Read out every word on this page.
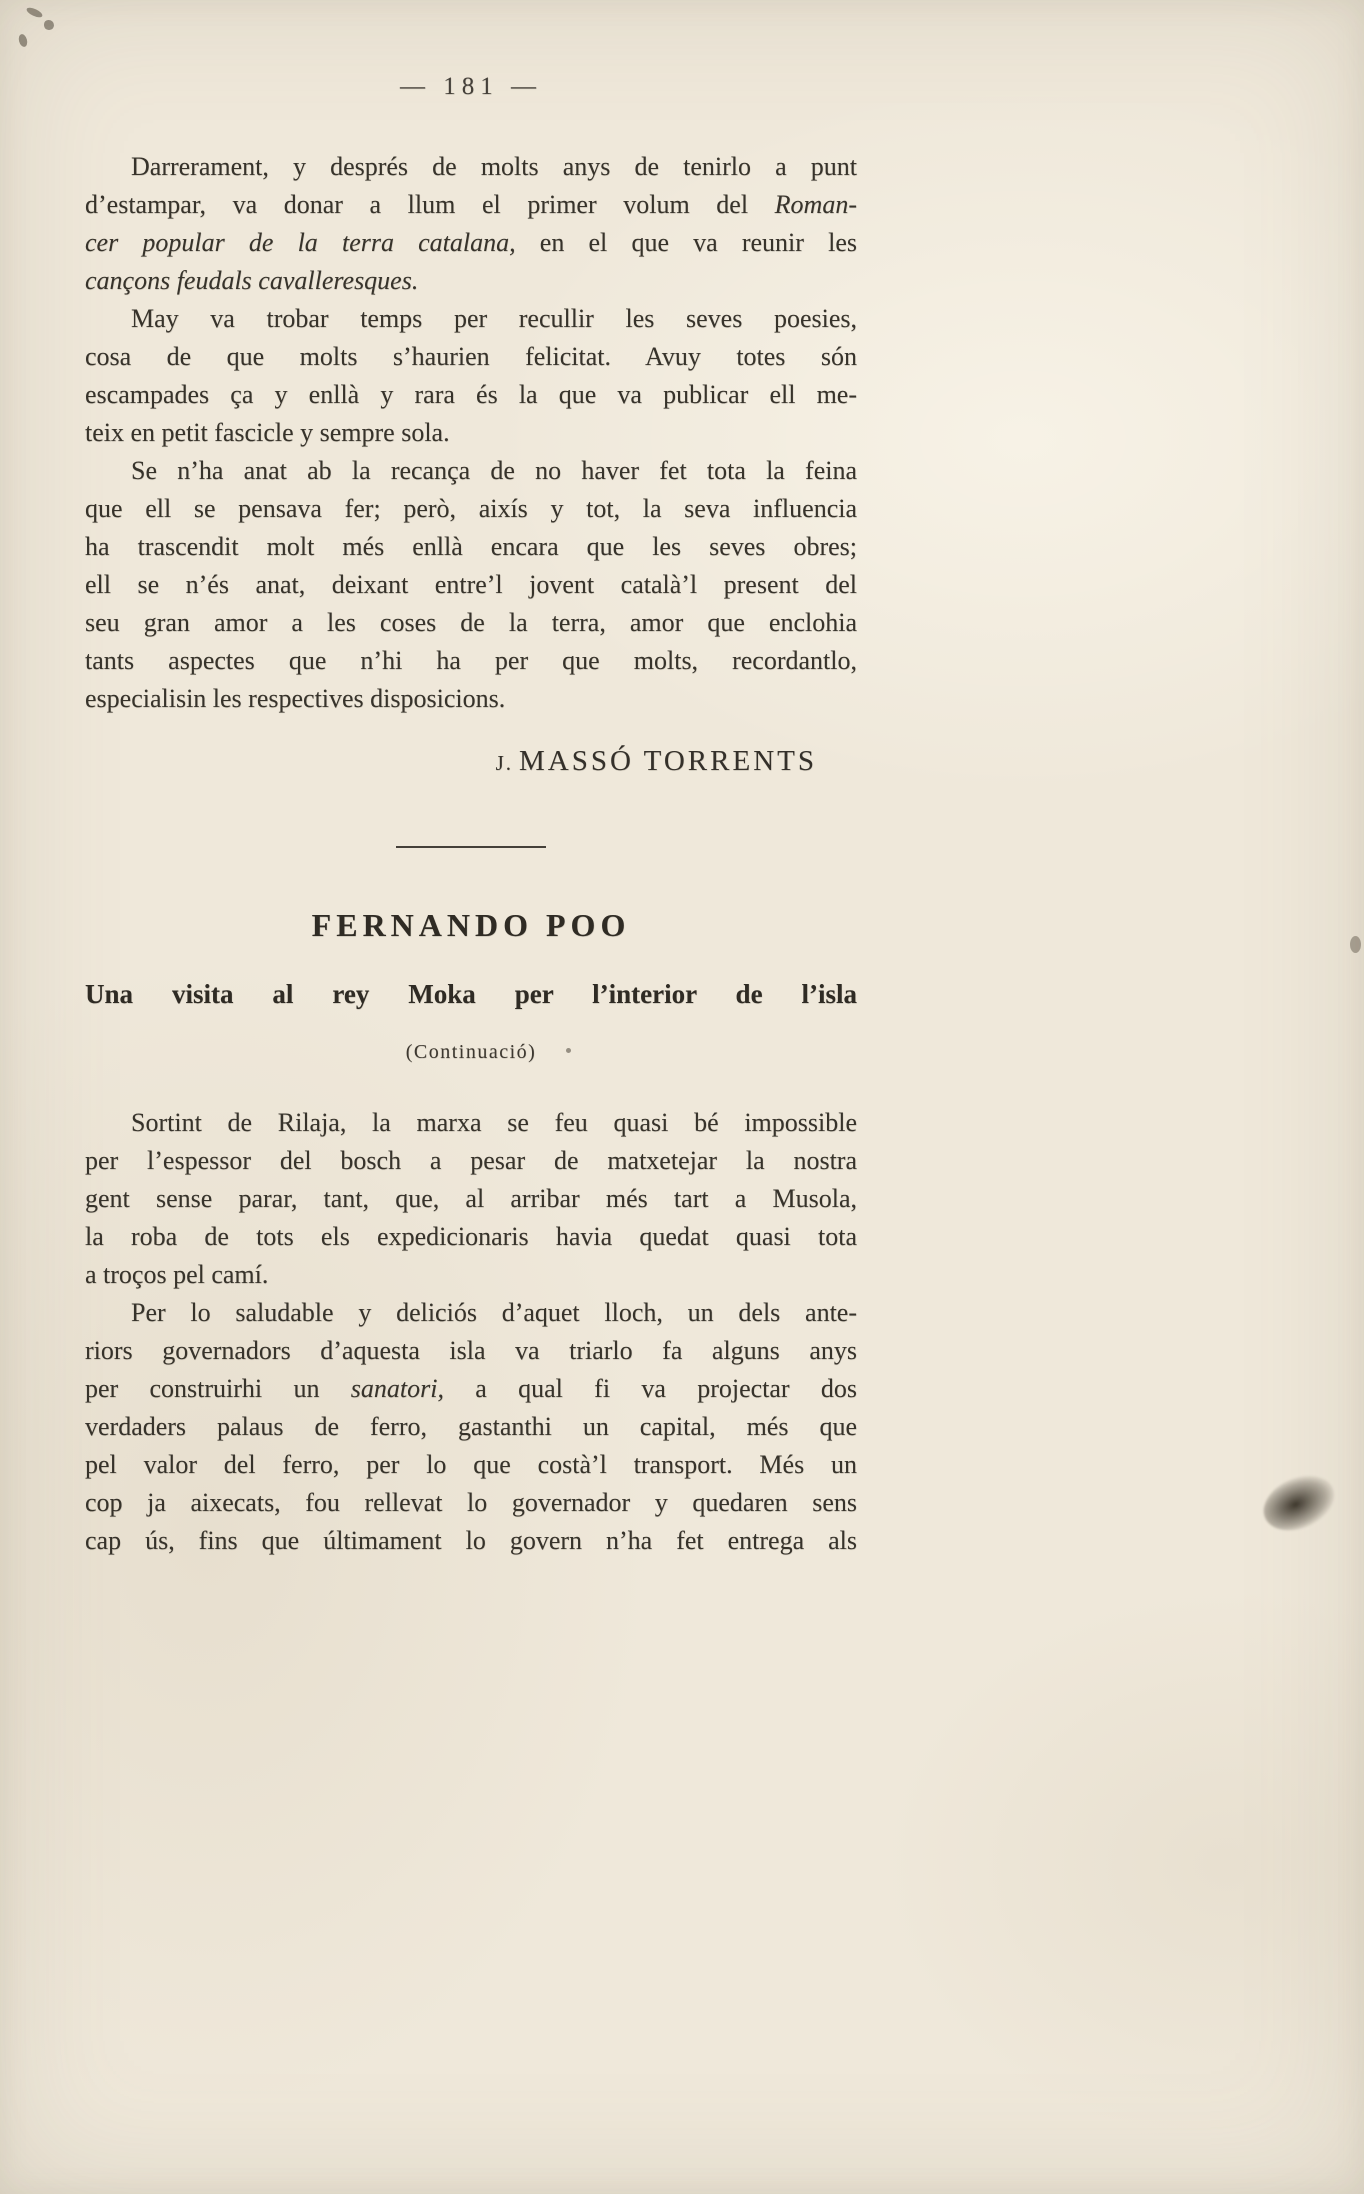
— 181 —
Darrerament, y després de molts anys de tenirlo a punt
d’estampar, va donar a llum el primer volum del Roman-
cer popular de la terra catalana, en el que va reunir les
cançons feudals cavalleresques.
May va trobar temps per recullir les seves poesies,
cosa de que molts s’haurien felicitat. Avuy totes són
escampades ça y enllà y rara és la que va publicar ell me-
teix en petit fascicle y sempre sola.
Se n’ha anat ab la recança de no haver fet tota la feina
que ell se pensava fer; però, aixís y tot, la seva influencia
ha trascendit molt més enllà encara que les seves obres;
ell se n’és anat, deixant entre’l jovent català’l present del
seu gran amor a les coses de la terra, amor que enclohia
tants aspectes que n’hi ha per que molts, recordantlo,
especialisin les respectives disposicions.
J. MASSÓ TORRENTS
FERNANDO POO
Una visita al rey Moka per l’interior de l’isla
(Continuació)
Sortint de Rilaja, la marxa se feu quasi bé impossible
per l’espessor del bosch a pesar de matxetejar la nostra
gent sense parar, tant, que, al arribar més tart a Musola,
la roba de tots els expedicionaris havia quedat quasi tota
a troços pel camí.
Per lo saludable y deliciós d’aquet lloch, un dels ante-
riors governadors d’aquesta isla va triarlo fa alguns anys
per construirhi un sanatori, a qual fi va projectar dos
verdaders palaus de ferro, gastanthi un capital, més que
pel valor del ferro, per lo que costà’l transport. Més un
cop ja aixecats, fou rellevat lo governador y quedaren sens
cap ús, fins que últimament lo govern n’ha fet entrega als
